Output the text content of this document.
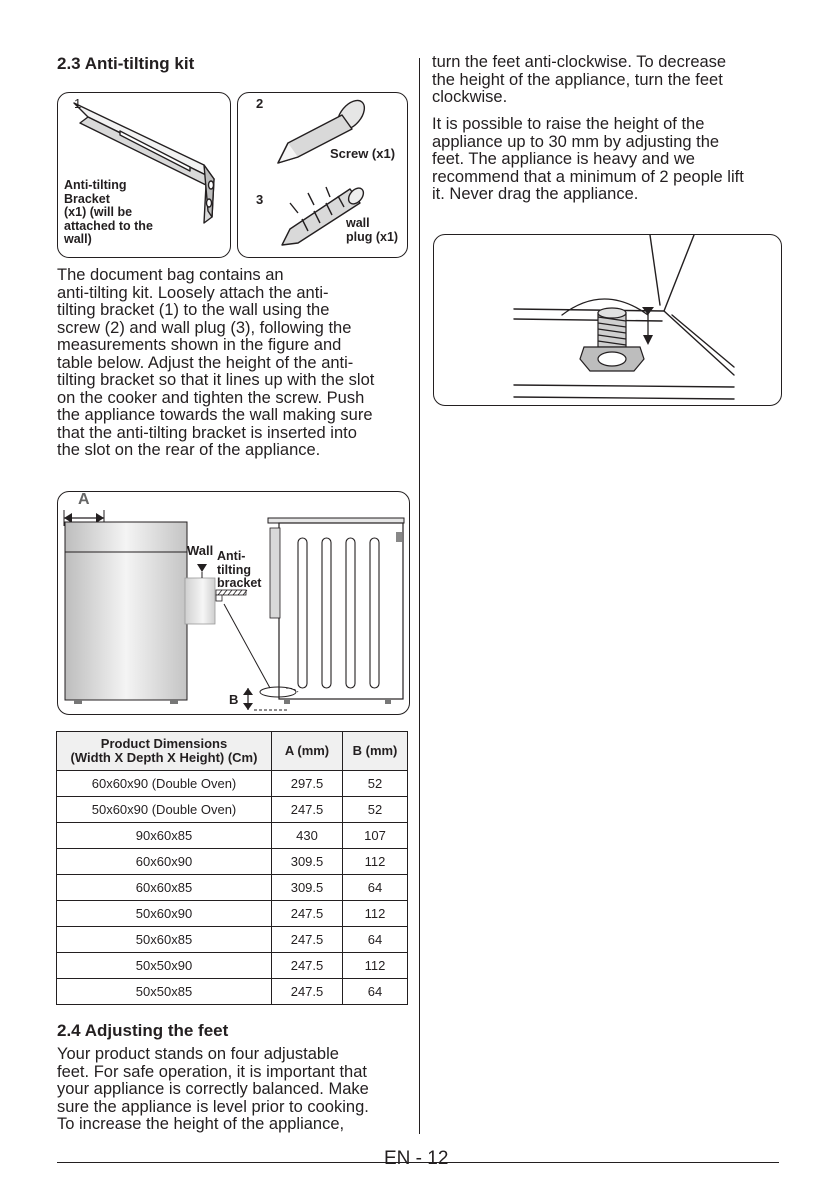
2.3 Anti-tilting kit
1
Anti-tilting
Bracket
(x1) (will be
attached to the
wall)
2
Screw (x1)
3
wall
plug (x1)
The document bag contains an
anti-tilting kit. Loosely attach the anti-
tilting bracket (1) to the wall using the
screw (2) and wall plug (3), following the
measurements shown in the figure and
table below. Adjust the height of the anti-
tilting bracket so that it lines up with the slot
on the cooker and tighten the screw. Push
the appliance towards the wall making sure
that the anti-tilting bracket is inserted into
the slot on the rear of the appliance.
A
Wall Anti-
tilting
bracket
B
Product Dimensions
(Width X Depth X Height) (Cm)	A (mm)	B (mm)
60x60x90 (Double Oven)	297.5	52
50x60x90 (Double Oven)	247.5	52
90x60x85	430	107
60x60x90	309.5	112
60x60x85	309.5	64
50x60x90	247.5	112
50x60x85	247.5	64
50x50x90	247.5	112
50x50x85	247.5	64
2.4 Adjusting the feet
Your product stands on four adjustable
feet. For safe operation, it is important that
your appliance is correctly balanced. Make
sure the appliance is level prior to cooking.
To increase the height of the appliance,
turn the feet anti-clockwise. To decrease
the height of the appliance, turn the feet
clockwise.
It is possible to raise the height of the
appliance up to 30 mm by adjusting the
feet. The appliance is heavy and we
recommend that a minimum of 2 people lift
it. Never drag the appliance.
EN - 12
